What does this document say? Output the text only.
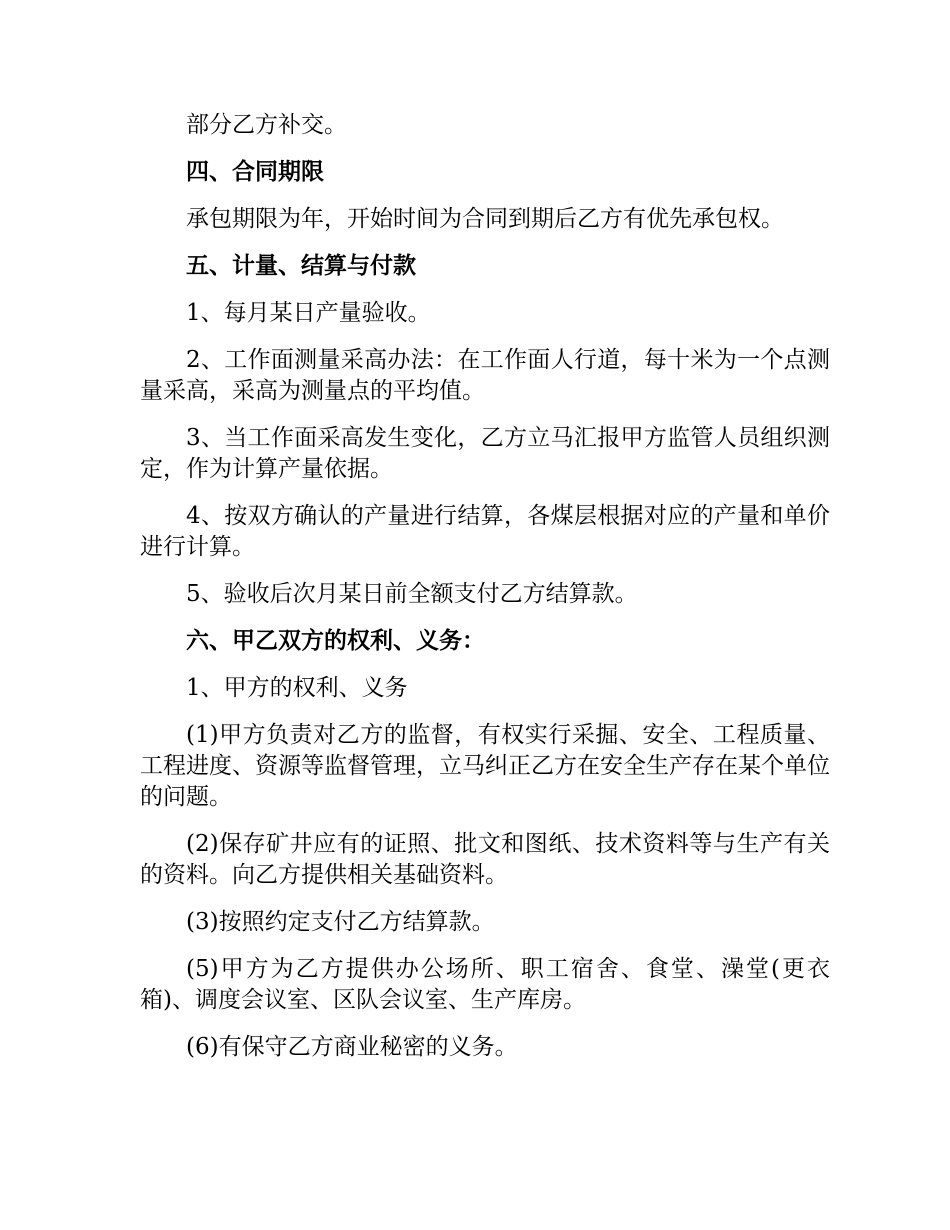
部分乙方补交。

四、合同期限

承包期限为年，开始时间为合同到期后乙方有优先承包权。

五、计量、结算与付款

1、每月某日产量验收。

2、工作面测量采高办法：在工作面人行道，每十米为一个点测量采高，采高为测量点的平均值。

3、当工作面采高发生变化，乙方立马汇报甲方监管人员组织测定，作为计算产量依据。

4、按双方确认的产量进行结算，各煤层根据对应的产量和单价进行计算。

5、验收后次月某日前全额支付乙方结算款。

六、甲乙双方的权利、义务：

1、甲方的权利、义务

(1)甲方负责对乙方的监督，有权实行采掘、安全、工程质量、工程进度、资源等监督管理，立马纠正乙方在安全生产存在某个单位的问题。

(2)保存矿井应有的证照、批文和图纸、技术资料等与生产有关的资料。向乙方提供相关基础资料。

(3)按照约定支付乙方结算款。

(5)甲方为乙方提供办公场所、职工宿舍、食堂、澡堂(更衣箱)、调度会议室、区队会议室、生产库房。

(6)有保守乙方商业秘密的义务。
